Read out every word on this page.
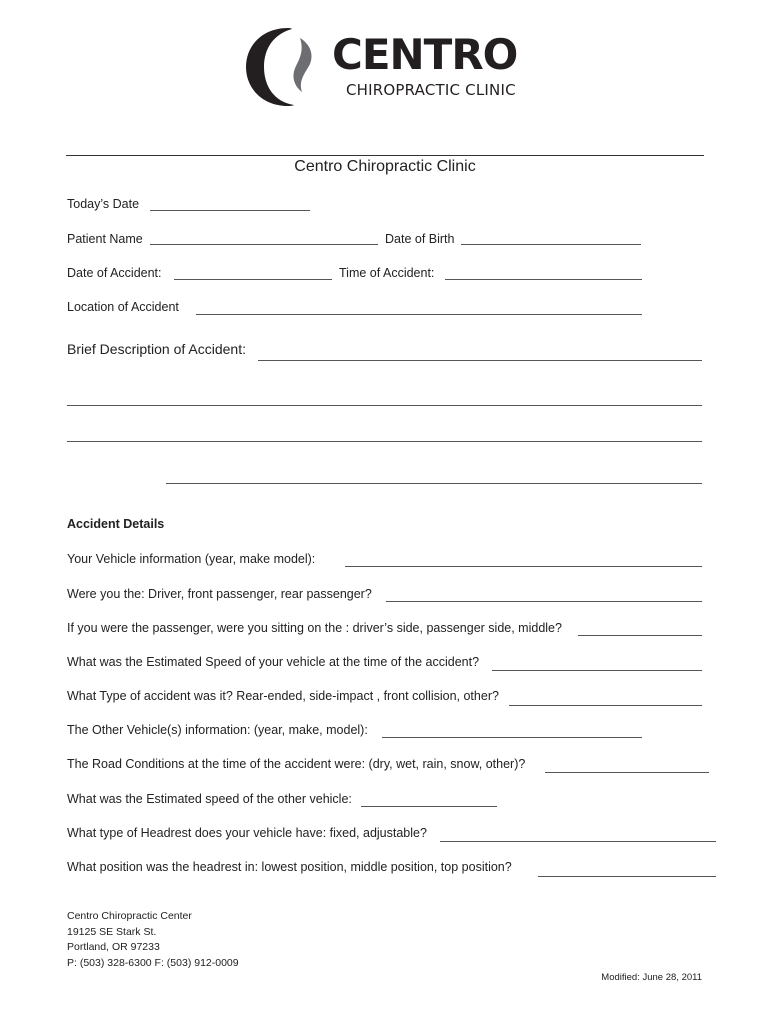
CENTRO
CHIROPRACTIC CLINIC
Centro Chiropractic Clinic
Today’s Date
Patient Name	Date of Birth
Date of Accident:	Time of Accident:
Location of Accident
Brief Description of Accident:
Accident Details
Your Vehicle information (year, make model):
Were you the: Driver, front passenger, rear passenger?
If you were the passenger, were you sitting on the : driver’s side, passenger side, middle?
What was the Estimated Speed of your vehicle at the time of the accident?
What Type of accident was it? Rear-ended, side-impact , front collision, other?
The Other Vehicle(s) information: (year, make, model):
The Road Conditions at the time of the accident were: (dry, wet, rain, snow, other)?
What was the Estimated speed of the other vehicle:
What type of Headrest does your vehicle have: fixed, adjustable?
What position was the headrest in: lowest position, middle position, top position?
Centro Chiropractic Center
19125 SE Stark St.
Portland, OR 97233
P: (503) 328-6300 F: (503) 912-0009
Modified: June 28, 2011
